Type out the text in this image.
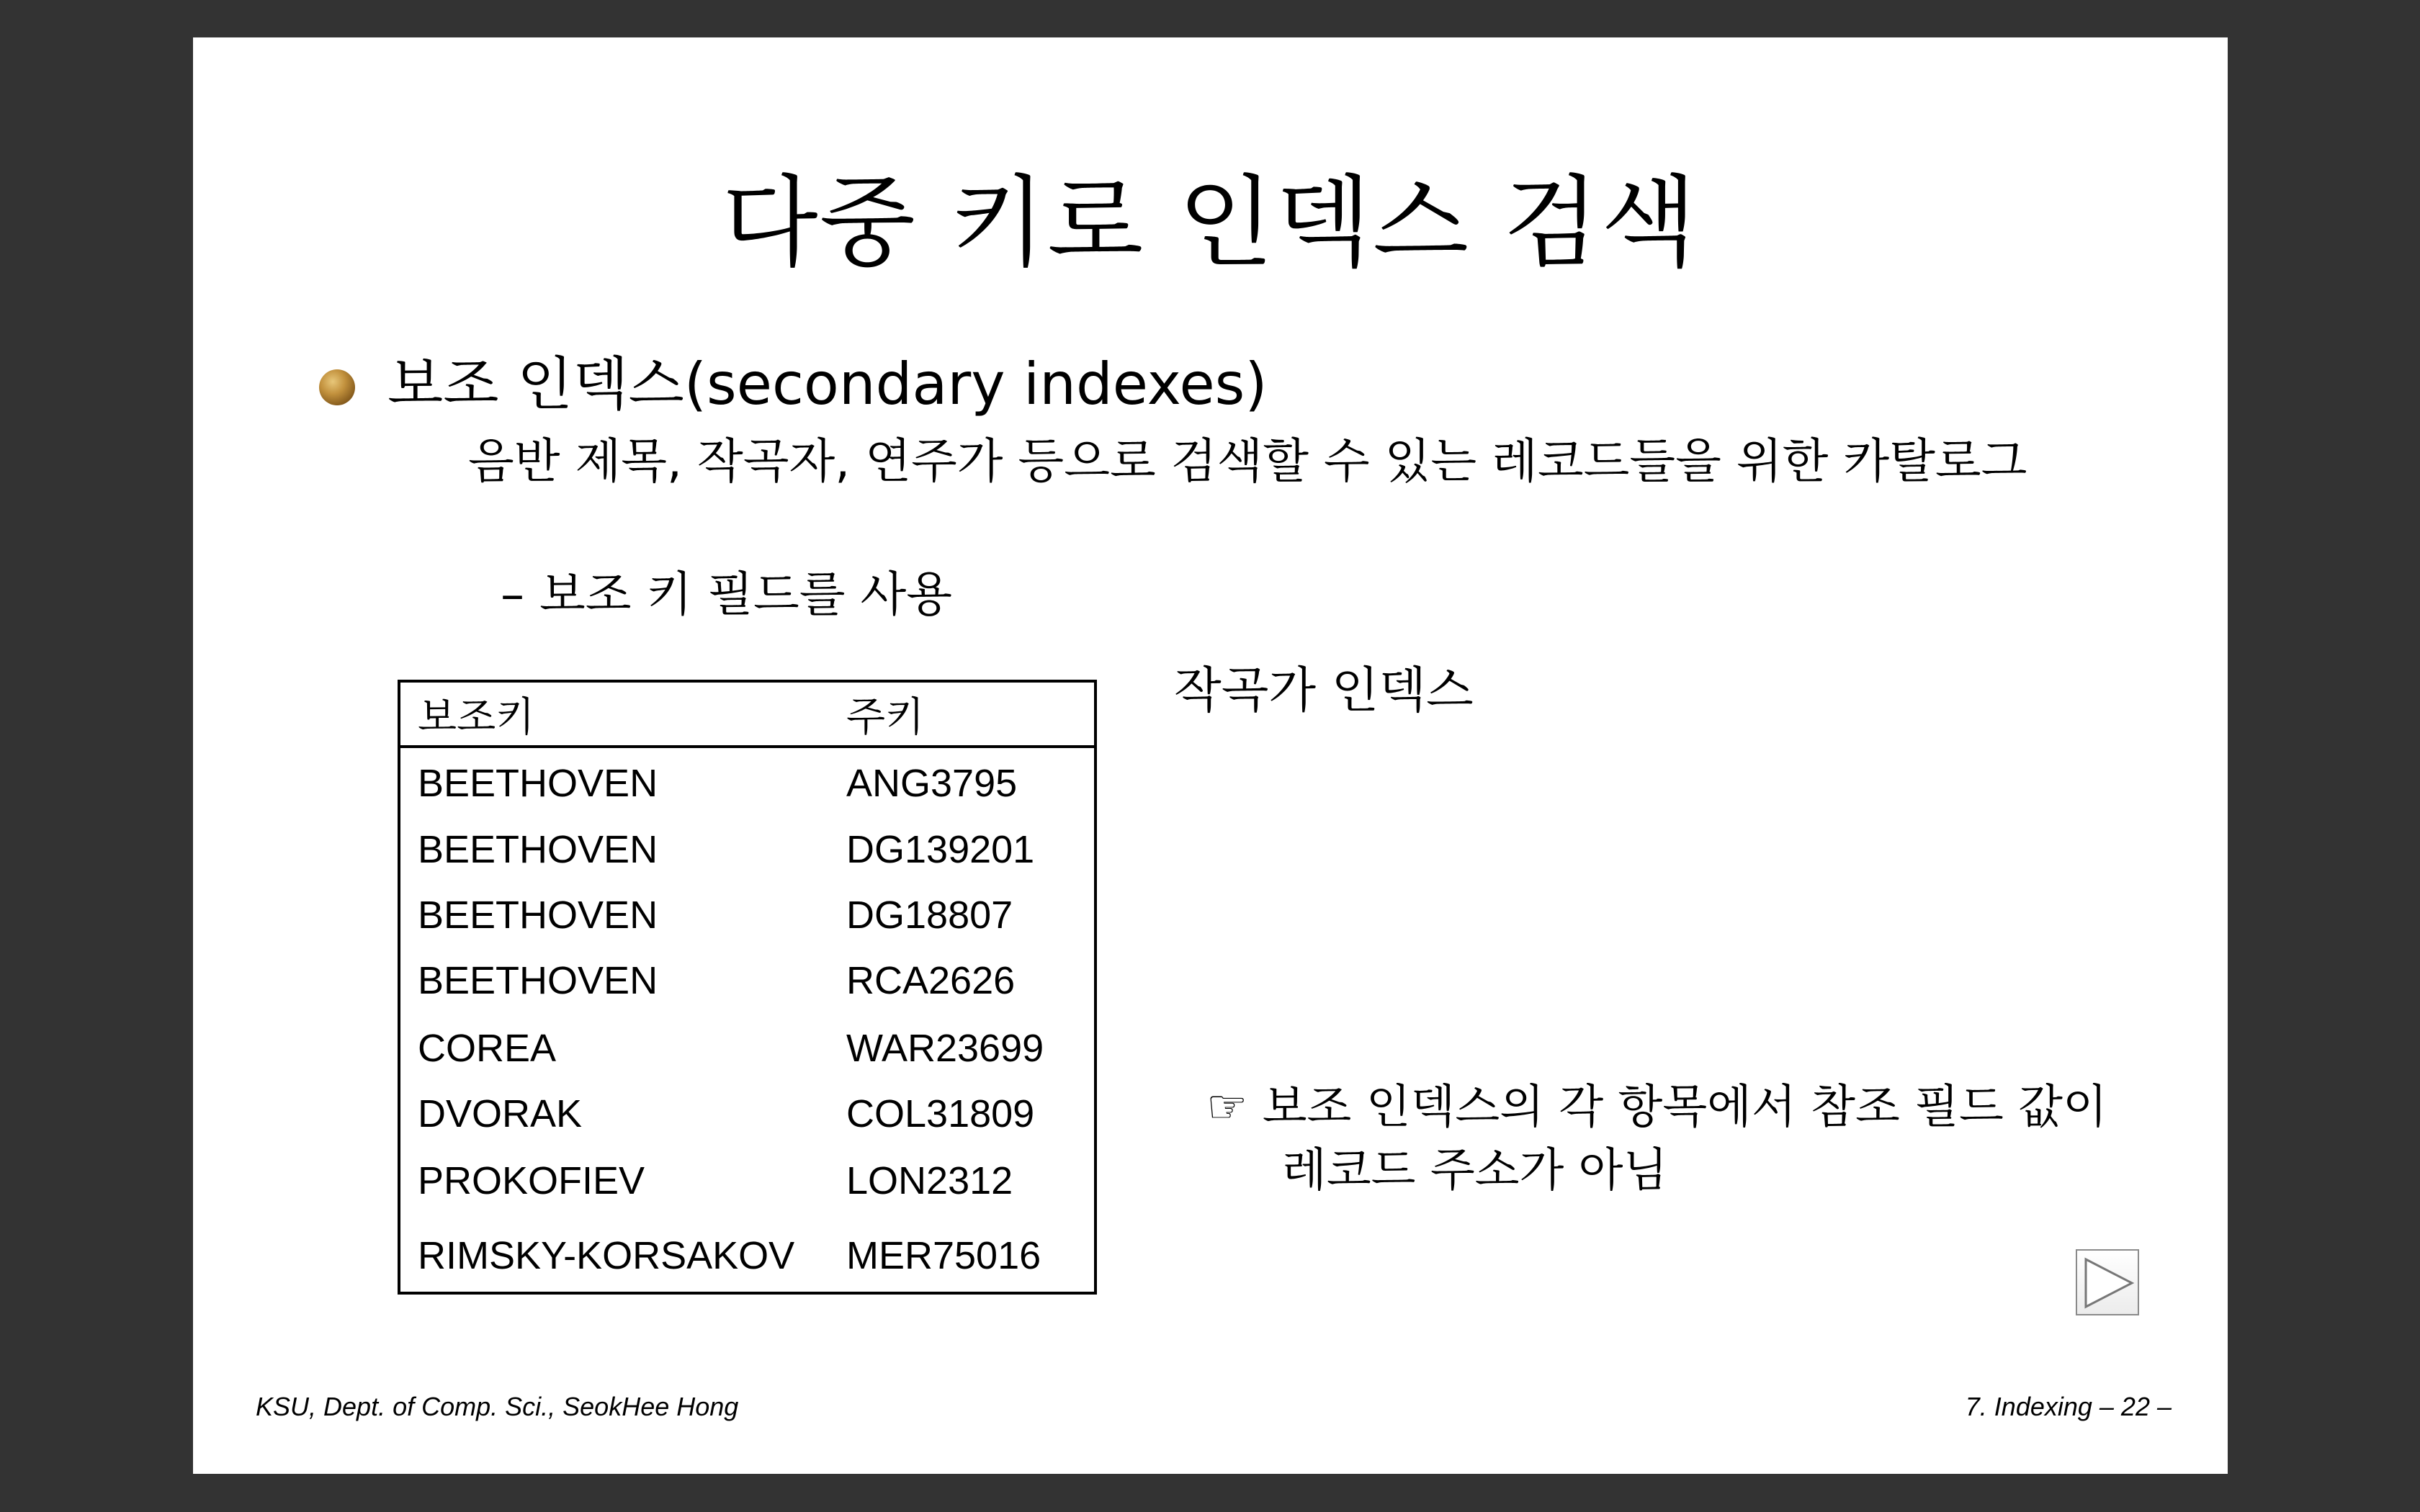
다중 키로 인덱스 검색
보조 인덱스(secondary indexes)
음반 제목, 작곡자, 연주가 등으로 검색할 수 있는 레코드들을 위한 카탈로그
– 보조 키 필드를 사용
보조키	주키
BEETHOVEN	ANG3795
BEETHOVEN	DG139201
BEETHOVEN	DG18807
BEETHOVEN	RCA2626
COREA	WAR23699
DVORAK	COL31809
PROKOFIEV	LON2312
RIMSKY-KORSAKOV MER75016
작곡가 인덱스
☞ 보조 인덱스의 각 항목에서 참조 필드 값이
레코드 주소가 아님
KSU, Dept. of Comp. Sci., SeokHee Hong	7. Indexing – 22 –
